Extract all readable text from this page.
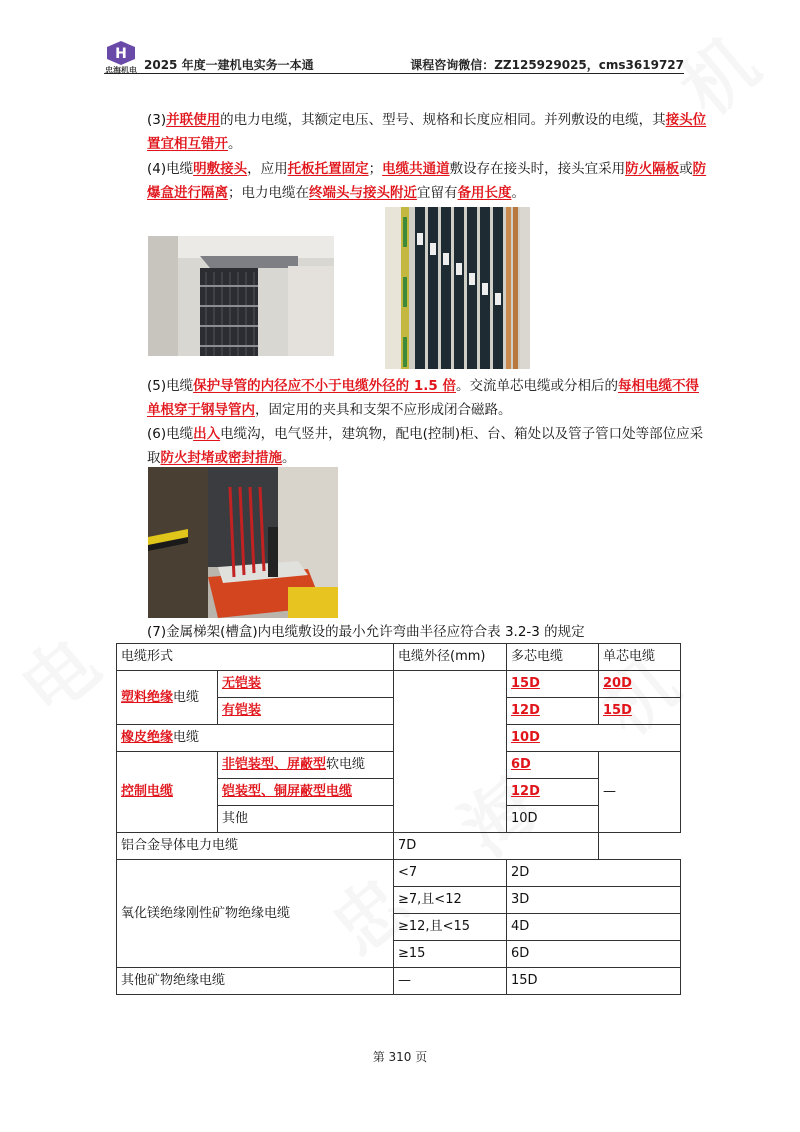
H
忠海机电 2025 年度一建机电实务一本通	课程咨询微信：ZZ125929025，cms3619727
(3)并联使用的电力电缆，其额定电压、型号、规格和长度应相同。并列敷设的电缆，其接头位置宜相互错开。
(4)电缆明敷接头，应用托板托置固定；电缆共通道敷设存在接头时，接头宜采用防火隔板或防爆盒进行隔离；电力电缆在终端头与接头附近宜留有备用长度。
(5)电缆保护导管的内径应不小于电缆外径的 1.5 倍。交流单芯电缆或分相后的每相电缆不得单根穿于钢导管内，固定用的夹具和支架不应形成闭合磁路。
(6)电缆出入电缆沟，电气竖井，建筑物，配电(控制)柜、台、箱处以及管子管口处等部位应采取防火封堵或密封措施。
(7)金属梯架(槽盒)内电缆敷设的最小允许弯曲半径应符合表 3.2-3 的规定
电缆形式		电缆外径(mm)	多芯电缆	单芯电缆
塑料绝缘电缆	无铠装		15D	20D
	有铠装		12D	15D
橡皮绝缘电缆			10D	
控制电缆	非铠装型、屏蔽型软电缆		6D	—
	铠装型、铜屏蔽型电缆		12D	
	其他		10D	
铝合金导体电力电缆		7D		
氧化镁绝缘刚性矿物绝缘电缆		<7	2D	
		≥7,且<12	3D	
		≥12,且<15	4D	
		≥15	6D	
其他矿物绝缘电缆		—	15D	
第 310 页
